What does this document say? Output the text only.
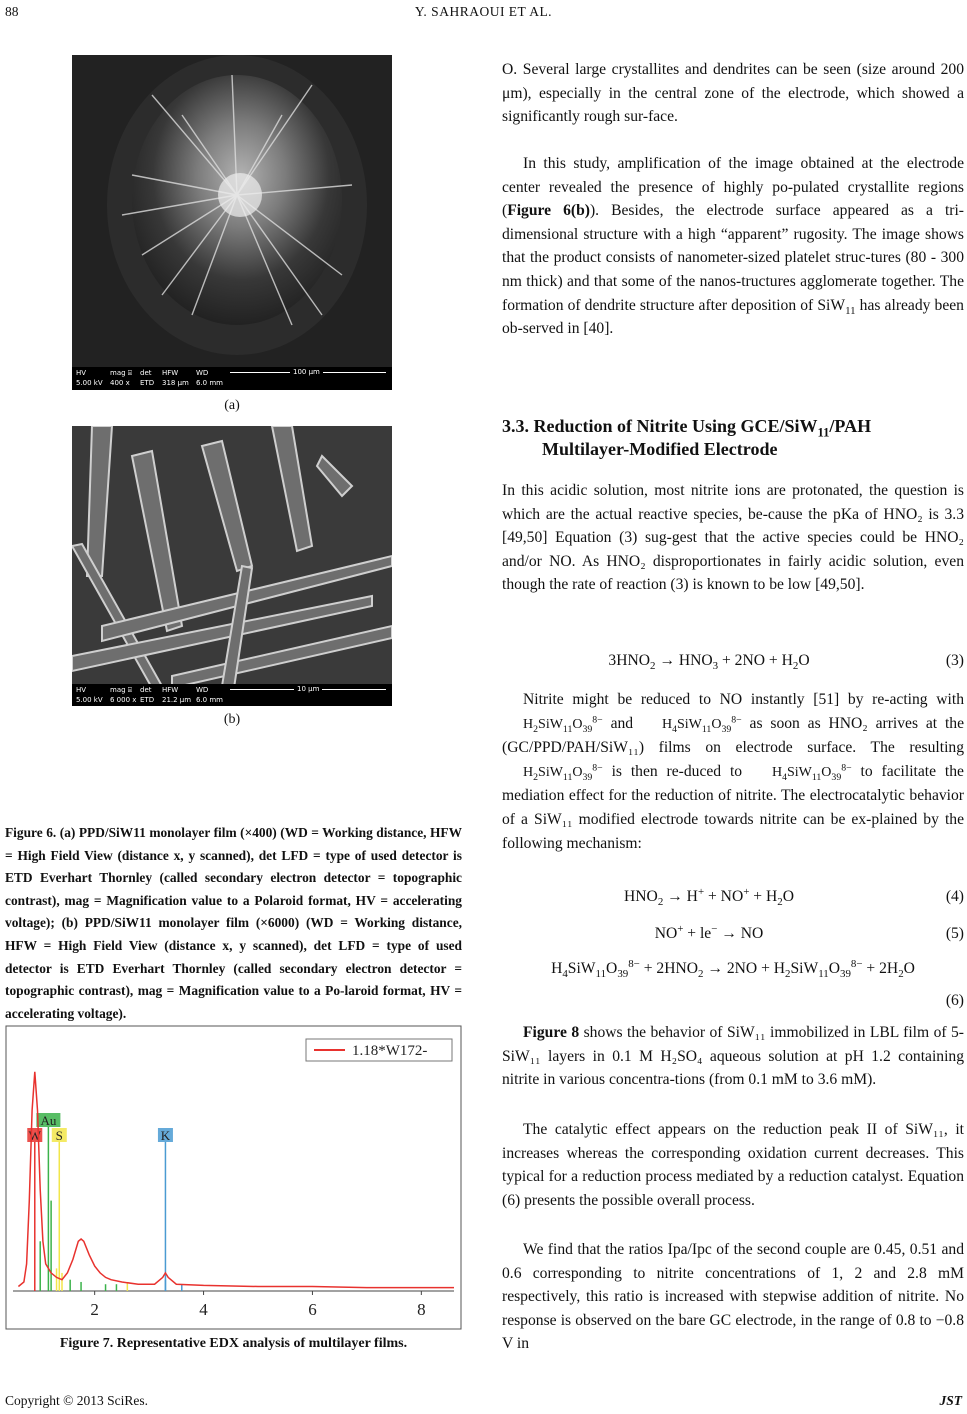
88	Y. SAHRAOUI ET AL.
HV
5.00 kV
mag ⌸
400 x
det
ETD
HFW
318 µm
WD
6.0 mm
100 µm
(a)
HV
5.00 kV
mag ⌸
6 000 x
det
ETD
HFW
21.2 µm
WD
6.0 mm
10 µm
(b)
Figure 6. (a) PPD/SiW11 monolayer film (×400) (WD = Working distance, HFW = High Field View (distance x, y scanned), det LFD = type of used detector is ETD Everhart Thornley (called secondary electron detector = topographic contrast), mag = Magnification value to a Polaroid format, HV = accelerating voltage); (b) PPD/SiW11 monolayer film (×6000) (WD = Working distance, HFW = High Field View (distance x, y scanned), det LFD = type of used detector is ETD Everhart Thornley (called secondary electron detector = topographic contrast), mag = Magnification value to a Po-laroid format, HV = accelerating voltage).
W
Au
S	K
2	4	6	8
1.18*W172-
Figure 7. Representative EDX analysis of multilayer films.

O. Several large crystallites and dendrites can be seen (size around 200 μm), especially in the central zone of the electrode, which showed a significantly rough sur-face.

In this study, amplification of the image obtained at the electrode center revealed the presence of highly po-pulated crystallite regions (Figure 6(b)). Besides, the electrode surface appeared as a tri-dimensional structure with a high “apparent” rugosity. The image shows that the product consists of nanometer-sized platelet struc-tures (80 - 300 nm thick) and that some of the nanos-tructures agglomerate together. The formation of dendrite structure after deposition of SiW$_{11}$ has already been ob-served in [40].

3.3. Reduction of Nitrite Using GCE/SiW$_{11}$/PAH
Multilayer-Modified Electrode

In this acidic solution, most nitrite ions are protonated, the question is which are the actual reactive species, be-cause the pKa of HNO₂ is 3.3 [49,50] Equation (3) sug-gest that the active species could be HNO₂ and/or NO. As HNO₂ disproportionates in fairly acidic solution, even though the rate of reaction (3) is known to be low [49,50].

$3HNO_2 \to HNO_3 + 2NO + H_2O$	(3)

Nitrite might be reduced to NO instantly [51] by re-acting with $H_2SiW_{11}O_{39}^{8-}$ and $H_4SiW_{11}O_{39}^{8-}$ as soon as HNO₂ arrives at the (GC/PPD/PAH/SiW₁₁) films on electrode surface. The resulting $H_2SiW_{11}O_{39}^{8-}$ is then re-duced to $H_4SiW_{11}O_{39}^{8-}$ to facilitate the mediation effect for the reduction of nitrite. The electrocatalytic behavior of a SiW₁₁ modified electrode towards nitrite can be ex-plained by the following mechanism:

$HNO_2 \to H^+ + NO^+ + H_2O$	(4)
NO+ + le− → NO	(5)
$H_4SiW_{11}O_{39}^{8-} + 2HNO_2 \to 2NO + H_2SiW_{11}O_{39}^{8-} + 2H_2O$
(6)

Figure 8 shows the behavior of SiW₁₁ immobilized in LBL film of 5-SiW₁₁ layers in 0.1 M H₂SO₄ aqueous solution at pH 1.2 containing nitrite in various concentra-tions (from 0.1 mM to 3.6 mM).

The catalytic effect appears on the reduction peak II of SiW₁₁, it increases whereas the corresponding oxidation current decreases. This typical for a reduction process mediated by a reduction catalyst. Equation (6) presents the possible overall process.

We find that the ratios Ipa/Ipc of the second couple are 0.45, 0.51 and 0.6 corresponding to nitrite concentrations of 1, 2 and 2.8 mM respectively, this ratio is increased with stepwise addition of nitrite. No response is observed on the bare GC electrode, in the range of 0.8 to −0.8 V in

Copyright © 2013 SciRes.	JST
